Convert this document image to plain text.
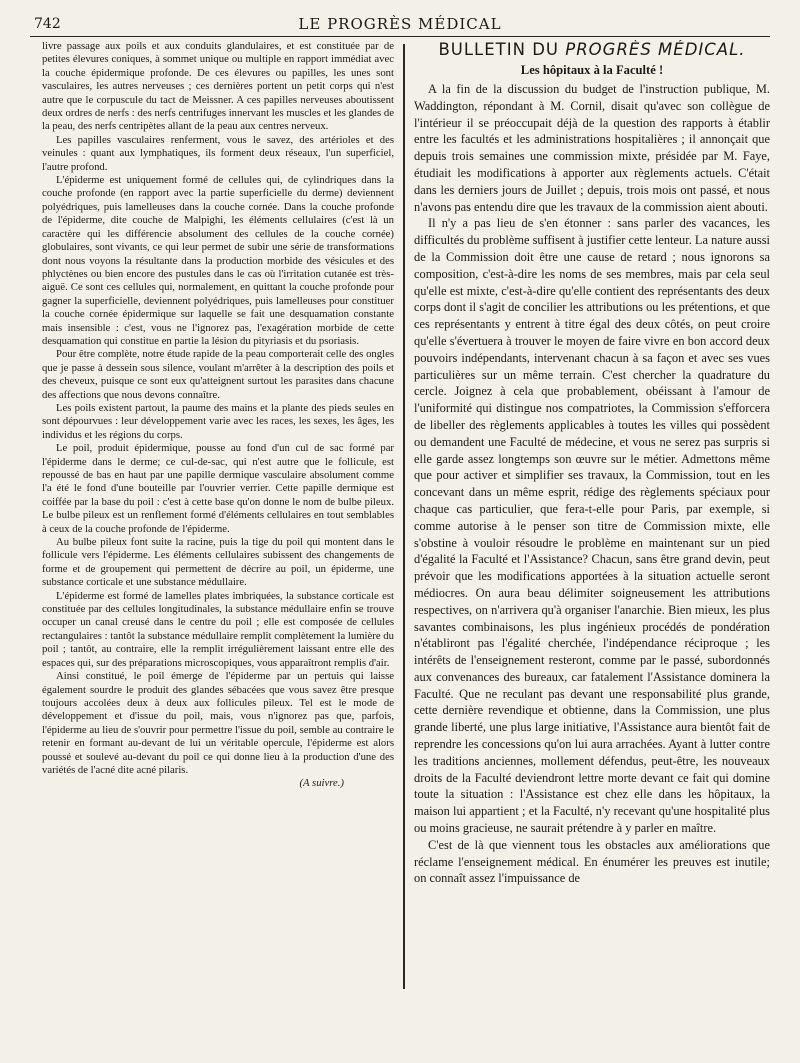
742	LE PROGRÈS MÉDICAL

livre passage aux poils et aux conduits glandulaires, et est constituée par de petites élevures coniques, à sommet unique ou multiple en rapport immédiat avec la couche épidermique profonde. De ces élevures ou papilles, les unes sont vasculaires, les autres nerveuses ; ces dernières portent un petit corps qui n'est autre que le corpuscule du tact de Meissner. A ces papilles nerveuses aboutissent deux ordres de nerfs : des nerfs centrifuges innervant les muscles et les glandes de la peau, des nerfs centripètes allant de la peau aux centres nerveux.

Les papilles vasculaires renferment, vous le savez, des artérioles et des veinules : quant aux lymphatiques, ils forment deux réseaux, l'un superficiel, l'autre profond.

L'épiderme est uniquement formé de cellules qui, de cylindriques dans la couche profonde (en rapport avec la partie superficielle du derme) deviennent polyédriques, puis lamelleuses dans la couche cornée. Dans la couche profonde de l'épiderme, dite couche de Malpighi, les éléments cellulaires (c'est là un caractère qui les différencie absolument des cellules de la couche cornée) globulaires, sont vivants, ce qui leur permet de subir une série de transformations dont nous voyons la résultante dans la production morbide des vésicules et des phlyctènes ou bien encore des pustules dans le cas où l'irritation cutanée est très-aiguë. Ce sont ces cellules qui, normalement, en quittant la couche profonde pour gagner la superficielle, deviennent polyédriques, puis lamelleuses pour constituer la couche cornée épidermique sur laquelle se fait une desquamation constante mais insensible : c'est, vous ne l'ignorez pas, l'exagération morbide de cette desquamation qui constitue en partie la lésion du pityriasis et du psoriasis.

Pour être complète, notre étude rapide de la peau comporterait celle des ongles que je passe à dessein sous silence, voulant m'arrêter à la description des poils et des cheveux, puisque ce sont eux qu'atteignent surtout les parasites dans chacune des affections que nous devons connaître.

Les poils existent partout, la paume des mains et la plante des pieds seules en sont dépourvues : leur développement varie avec les races, les sexes, les âges, les individus et les régions du corps.

Le poil, produit épidermique, pousse au fond d'un cul de sac formé par l'épiderme dans le derme; ce cul-de-sac, qui n'est autre que le follicule, est repoussé de bas en haut par une papille dermique vasculaire absolument comme l'a été le fond d'une bouteille par l'ouvrier verrier. Cette papille dermique est coiffée par la base du poil : c'est à cette base qu'on donne le nom de bulbe pileux. Le bulbe pileux est un renflement formé d'éléments cellulaires en tout semblables à ceux de la couche profonde de l'épiderme.

Au bulbe pileux font suite la racine, puis la tige du poil qui montent dans le follicule vers l'épiderme. Les éléments cellulaires subissent des changements de forme et de groupement qui permettent de décrire au poil, un épiderme, une substance corticale et une substance médullaire.

L'épiderme est formé de lamelles plates imbriquées, la substance corticale est constituée par des cellules longitudinales, la substance médullaire enfin se trouve occuper un canal creusé dans le centre du poil ; elle est composée de cellules rectangulaires : tantôt la substance médullaire remplit complètement la lumière du poil ; tantôt, au contraire, elle la remplit irrégulièrement laissant entre elle des espaces qui, sur des préparations microscopiques, vous apparaîtront remplis d'air.

Ainsi constitué, le poil émerge de l'épiderme par un pertuis qui laisse également sourdre le produit des glandes sébacées que vous savez être presque toujours accolées deux à deux aux follicules pileux. Tel est le mode de développement et d'issue du poil, mais, vous n'ignorez pas que, parfois, l'épiderme au lieu de s'ouvrir pour permettre l'issue du poil, semble au contraire le retenir en formant au-devant de lui un véritable opercule, l'épiderme est alors poussé et soulevé au-devant du poil ce qui donne lieu à la production d'une des variétés de l'acné dite acné pilaris.

(A suivre.)

BULLETIN DU PROGRÈS MÉDICAL.
Les hôpitaux à la Faculté !

A la fin de la discussion du budget de l'instruction publique, M. Waddington, répondant à M. Cornil, disait qu'avec son collègue de l'intérieur il se préoccupait déjà de la question des rapports à établir entre les facultés et les administrations hospitalières ; il annonçait que depuis trois semaines une commission mixte, présidée par M. Faye, étudiait les modifications à apporter aux règlements actuels. C'était dans les derniers jours de Juillet ; depuis, trois mois ont passé, et nous n'avons pas entendu dire que les travaux de la commission aient abouti.

Il n'y a pas lieu de s'en étonner : sans parler des vacances, les difficultés du problème suffisent à justifier cette lenteur. La nature aussi de la Commission doit être une cause de retard ; nous ignorons sa composition, c'est-à-dire les noms de ses membres, mais par cela seul qu'elle est mixte, c'est-à-dire qu'elle contient des représentants des deux corps dont il s'agit de concilier les attributions ou les prétentions, et que ces représentants y entrent à titre égal des deux côtés, on peut croire qu'elle s'évertuera à trouver le moyen de faire vivre en bon accord deux pouvoirs indépendants, intervenant chacun à sa façon et avec ses vues particulières sur un même terrain. C'est chercher la quadrature du cercle. Joignez à cela que probablement, obéissant à l'amour de l'uniformité qui distingue nos compatriotes, la Commission s'efforcera de libeller des règlements applicables à toutes les villes qui possèdent ou demandent une Faculté de médecine, et vous ne serez pas surpris si elle garde assez longtemps son œuvre sur le métier. Admettons même que pour activer et simplifier ses travaux, la Commission, tout en les concevant dans un même esprit, rédige des règlements spéciaux pour chaque cas particulier, que fera-t-elle pour Paris, par exemple, si comme autorise à le penser son titre de Commission mixte, elle s'obstine à vouloir résoudre le problème en maintenant sur un pied d'égalité la Faculté et l'Assistance? Chacun, sans être grand devin, peut prévoir que les modifications apportées à la situation actuelle seront médiocres. On aura beau délimiter soigneusement les attributions respectives, on n'arrivera qu'à organiser l'anarchie. Bien mieux, les plus savantes combinaisons, les plus ingénieux procédés de pondération n'établiront pas l'égalité cherchée, l'indépendance réciproque ; les intérêts de l'enseignement resteront, comme par le passé, subordonnés aux convenances des bureaux, car fatalement l'Assistance dominera la Faculté. Que ne reculant pas devant une responsabilité plus grande, cette dernière revendique et obtienne, dans la Commission, une plus grande liberté, une plus large initiative, l'Assistance aura bientôt fait de reprendre les concessions qu'on lui aura arrachées. Ayant à lutter contre les traditions anciennes, mollement défendus, peut-être, les nouveaux droits de la Faculté deviendront lettre morte devant ce fait qui domine toute la situation : l'Assistance est chez elle dans les hôpitaux, la maison lui appartient ; et la Faculté, n'y recevant qu'une hospitalité plus ou moins gracieuse, ne saurait prétendre à y parler en maître.

C'est de là que viennent tous les obstacles aux améliorations que réclame l'enseignement médical. En énumérer les preuves est inutile; on connaît assez l'impuissance de
